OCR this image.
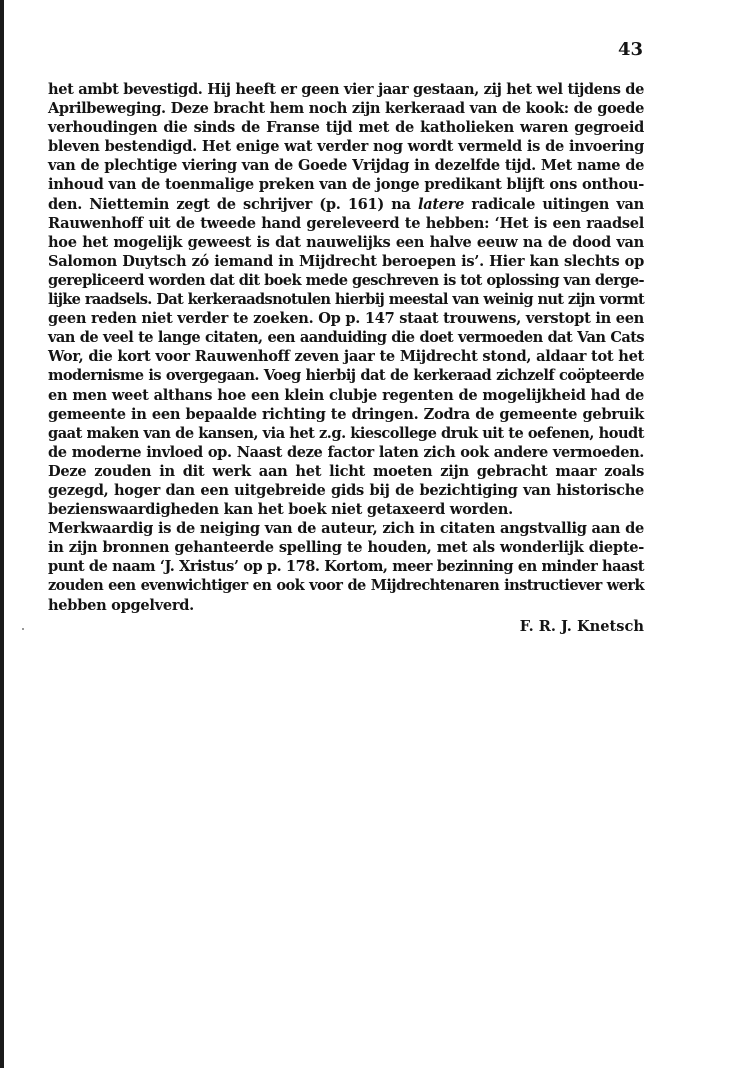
43
het ambt bevestigd. Hij heeft er geen vier jaar gestaan, zij het wel tijdens de
Aprilbeweging. Deze bracht hem noch zijn kerkeraad van de kook: de goede
verhoudingen die sinds de Franse tijd met de katholieken waren gegroeid
bleven bestendigd. Het enige wat verder nog wordt vermeld is de invoering
van de plechtige viering van de Goede Vrijdag in dezelfde tijd. Met name de
inhoud van de toenmalige preken van de jonge predikant blijft ons onthou-
den. Niettemin zegt de schrijver (p. 161) na latere radicale uitingen van
Rauwenhoff uit de tweede hand gereleveerd te hebben: ‘Het is een raadsel
hoe het mogelijk geweest is dat nauwelijks een halve eeuw na de dood van
Salomon Duytsch zó iemand in Mijdrecht beroepen is’. Hier kan slechts op
gerepliceerd worden dat dit boek mede geschreven is tot oplossing van derge-
lijke raadsels. Dat kerkeraadsnotulen hierbij meestal van weinig nut zijn vormt
geen reden niet verder te zoeken. Op p. 147 staat trouwens, verstopt in een
van de veel te lange citaten, een aanduiding die doet vermoeden dat Van Cats
Wor, die kort voor Rauwenhoff zeven jaar te Mijdrecht stond, aldaar tot het
modernisme is overgegaan. Voeg hierbij dat de kerkeraad zichzelf coöpteerde
en men weet althans hoe een klein clubje regenten de mogelijkheid had de
gemeente in een bepaalde richting te dringen. Zodra de gemeente gebruik
gaat maken van de kansen, via het z.g. kiescollege druk uit te oefenen, houdt
de moderne invloed op. Naast deze factor laten zich ook andere vermoeden.
Deze zouden in dit werk aan het licht moeten zijn gebracht maar zoals
gezegd, hoger dan een uitgebreide gids bij de bezichtiging van historische
bezienswaardigheden kan het boek niet getaxeerd worden.
Merkwaardig is de neiging van de auteur, zich in citaten angstvallig aan de
in zijn bronnen gehanteerde spelling te houden, met als wonderlijk diepte-
punt de naam ‘J. Xristus’ op p. 178. Kortom, meer bezinning en minder haast
zouden een evenwichtiger en ook voor de Mijdrechtenaren instructiever werk
hebben opgelverd.
F. R. J. Knetsch
